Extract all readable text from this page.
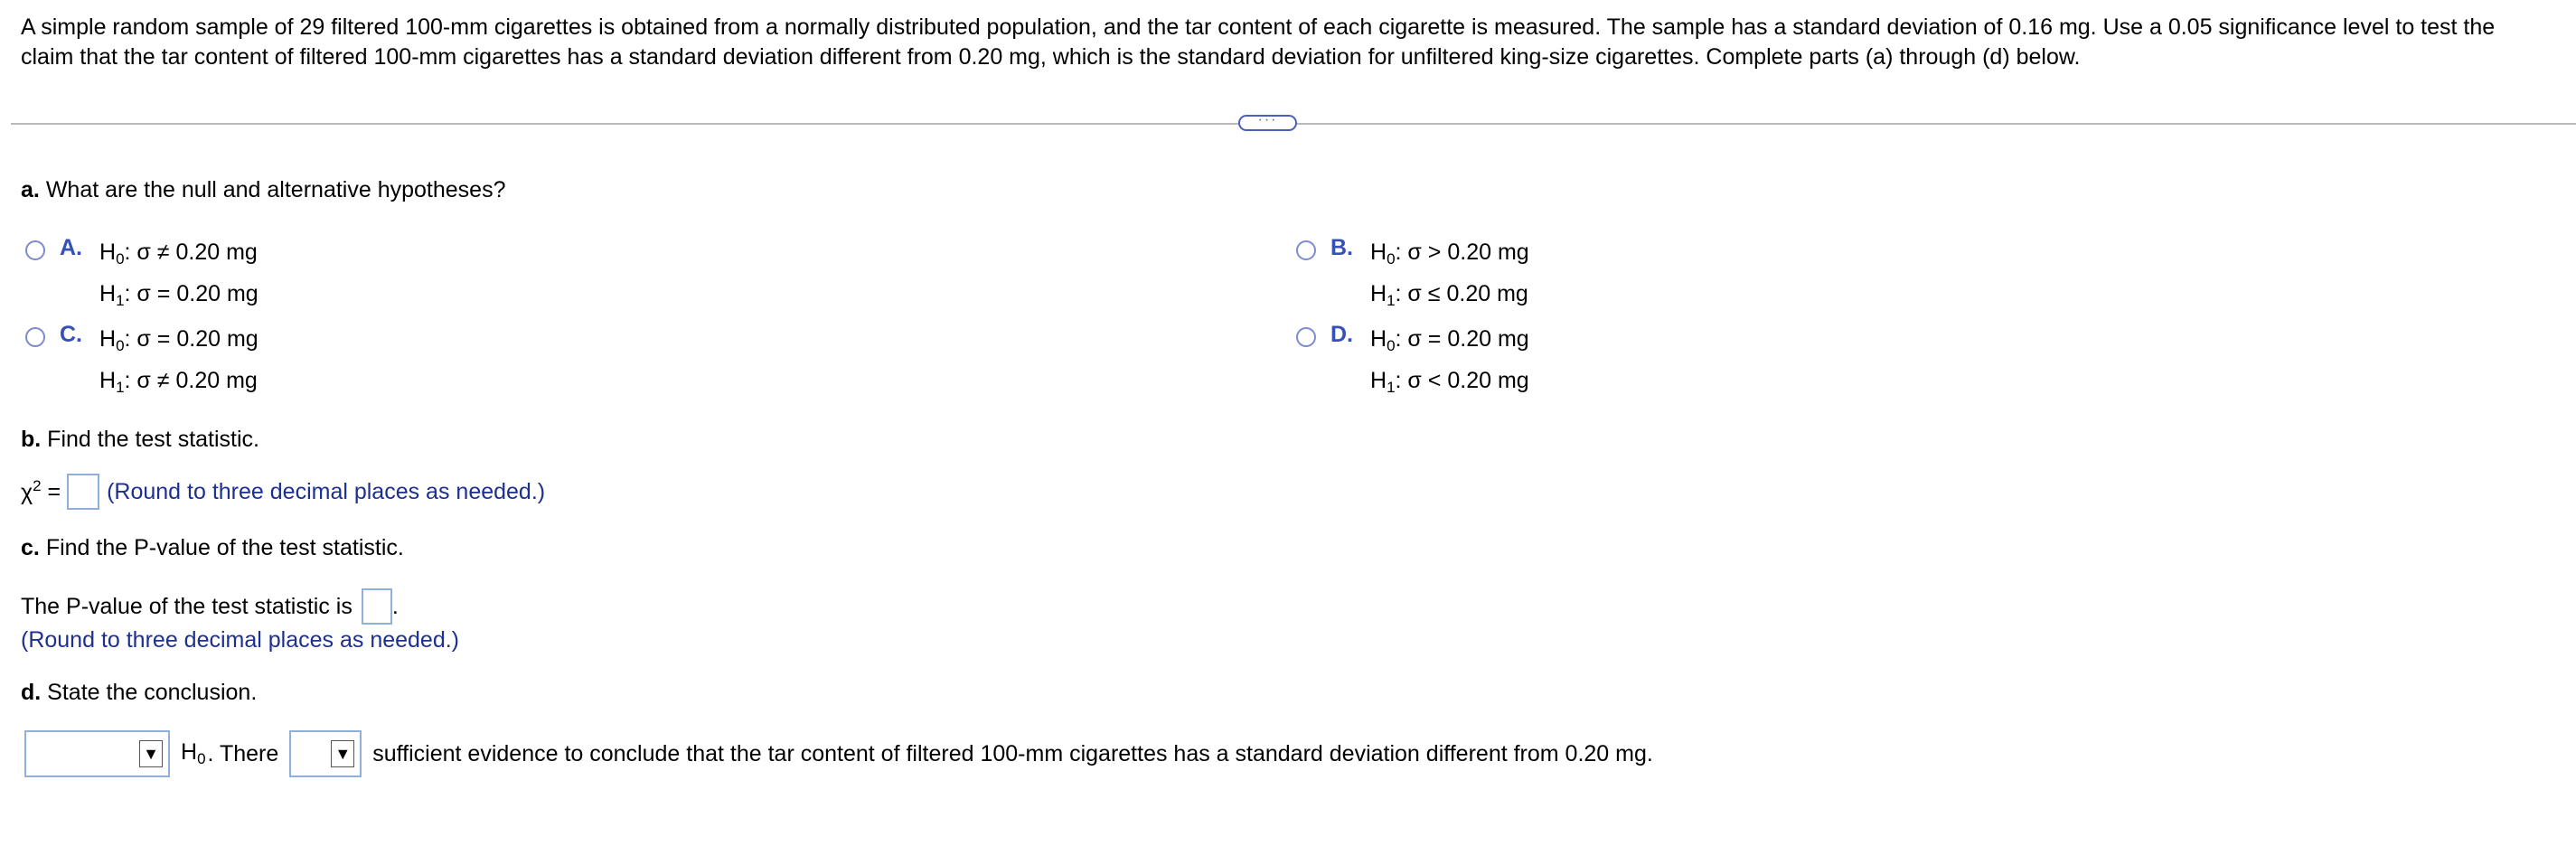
A simple random sample of 29 filtered 100-mm cigarettes is obtained from a normally distributed population, and the tar content of each cigarette is measured. The sample has a standard deviation of 0.16 mg. Use a 0.05 significance level to test the claim that the tar content of filtered 100-mm cigarettes has a standard deviation different from 0.20 mg, which is the standard deviation for unfiltered king-size cigarettes. Complete parts (a) through (d) below.
···
a. What are the null and alternative hypotheses?
A. $H_0$: σ ≠ 0.20 mg
$H_1$: σ = 0.20 mg
B. $H_0$: σ > 0.20 mg
$H_1$: σ ≤ 0.20 mg
C. $H_0$: σ = 0.20 mg
$H_1$: σ ≠ 0.20 mg
D. $H_0$: σ = 0.20 mg
$H_1$: σ < 0.20 mg
b. Find the test statistic.
$\chi^2$ = (Round to three decimal places as needed.)
c. Find the P-value of the test statistic.
The P-value of the test statistic is .
(Round to three decimal places as needed.)
d. State the conclusion.
▼ $H_0$ . There	▼ sufficient evidence to conclude that the tar content of filtered 100-mm cigarettes has a standard deviation different from 0.20 mg.
